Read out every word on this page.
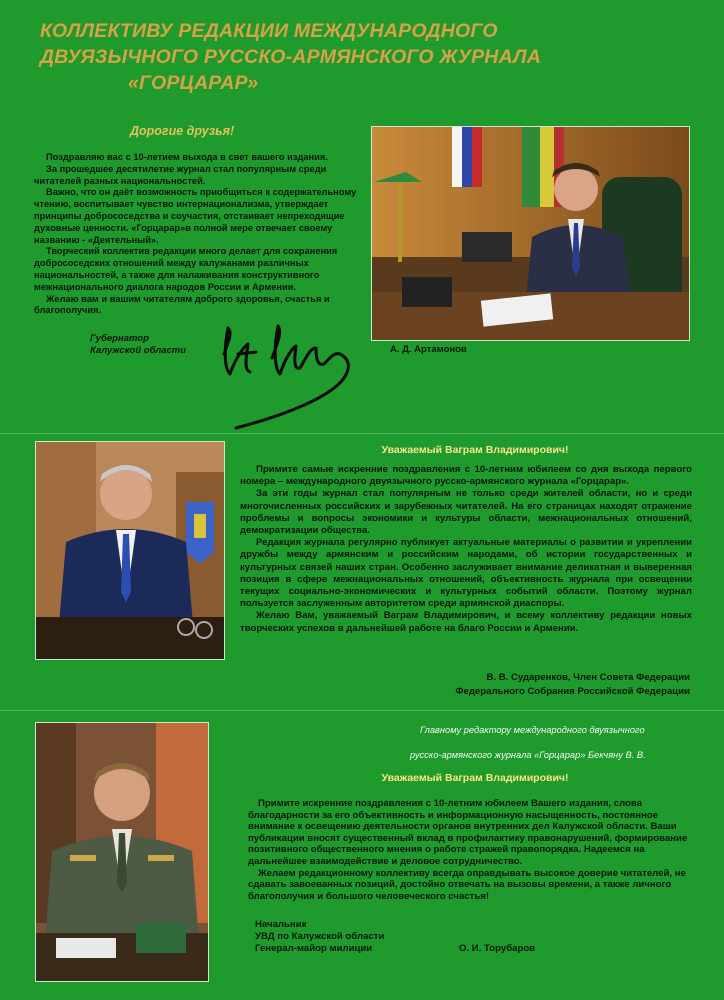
КОЛЛЕКТИВУ РЕДАКЦИИ МЕЖДУНАРОДНОГО
ДВУЯЗЫЧНОГО РУССКО-АРМЯНСКОГО ЖУРНАЛА
«ГОРЦАРАР»
Дорогие друзья!

Поздравляю вас с 10-летием выхода в свет вашего издания.

За прошедшее десятилетие журнал стал популярным среди читателей разных национальностей.

Важно, что он даёт возможность приобщиться к содержательному чтению, воспитывает чувство интернационализма, утверждает принципы добрососедства и соучастия, отстаивает непреходящие духовные ценности. «Горцарар»в полной мере отвечает своему названию - «Деятельный».

Творческий коллектив редакции много делает для сохранения добрососедских отношений между калужанами различных национальностей, а также для налаживания конструктивного межнационального диалога народов России и Армении.

Желаю вам и вашим читателям доброго здоровья, счастья и благополучия.

Губернатор
Калужской области	А. Д. Артамонов
Уважаемый Ваграм Владимирович!

Примите самые искренние поздравления с 10-летним юбилеем со дня выхода первого номера – международного двуязычного русско-армянского журнала «Горцарар».

За эти годы журнал стал популярным не только среди жителей области, но и среди многочисленных российских и зарубежных читателей. На его страницах находят отражение проблемы и вопросы экономики и культуры области, межнациональных отношений, демократизации общества.

Редакция журнала регулярно публикует актуальные материалы о развитии и укреплении дружбы между армянским и российским народами, об истории государственных и культурных связей наших стран. Особенно заслуживает внимание деликатная и выверенная позиция в сфере межнациональных отношений, объективность журнала при освещении текущих социально-экономических и культурных событий области. Поэтому журнал пользуется заслуженным авторитетом среди армянской диаспоры.

Желаю Вам, уважаемый Ваграм Владимирович, и всему коллективу редакции новых творческих успехов в дальнейшей работе на благо России и Армении.

В. В. Сударенков, Член Совета Федерации
Федерального Собрания Российской Федерации
Главному редактору международного двуязычного
русско-армянского журнала «Горцарар» Бекчяну В. В.
Уважаемый Ваграм Владимирович!

Примите искренние поздравления с 10-летним юбилеем Вашего издания, слова благодарности за его объективность и информационную насыщенность, постоянное внимание к освещению деятельности органов внутренних дел Калужской области. Ваши публикации вносят существенный вклад в профилактику правонарушений, формирование позитивного общественного мнения о работе стражей правопорядка. Надеемся на дальнейшее взаимодействие и деловое сотрудничество.

Желаем редакционному коллективу всегда оправдывать высокое доверие читателей, не сдавать завоеванных позиций, достойно отвечать на вызовы времени, а также личного благополучия и большого человеческого счастья!

Начальник
УВД по Калужской области
Генерал-майор милиции	О. И. Торубаров
